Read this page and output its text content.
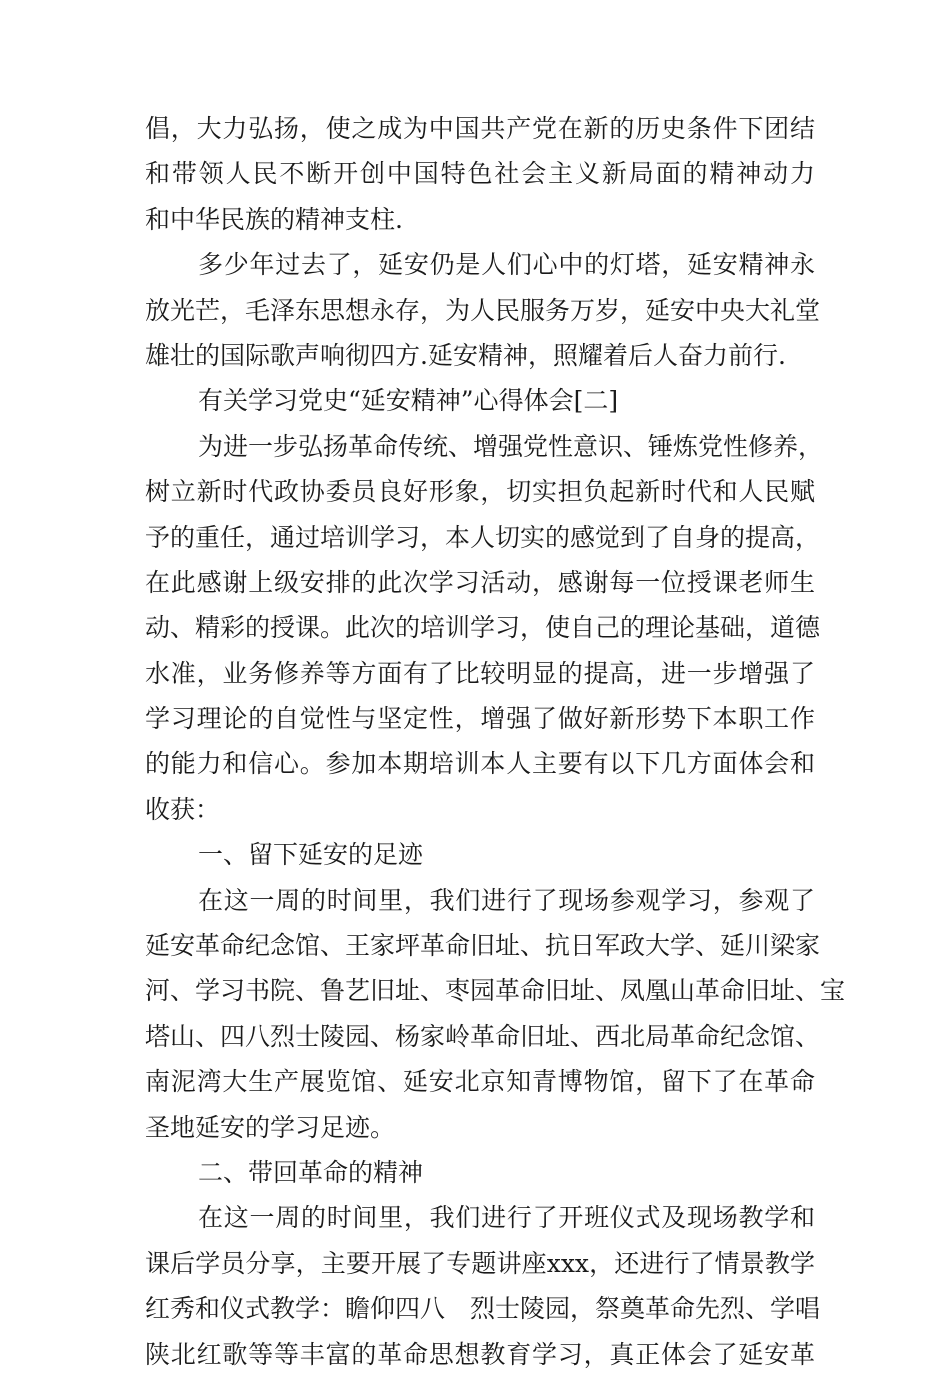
倡，大力弘扬，使之成为中国共产党在新的历史条件下团结
和带领人民不断开创中国特色社会主义新局面的精神动力
和中华民族的精神支柱.
多少年过去了，延安仍是人们心中的灯塔，延安精神永
放光芒，毛泽东思想永存，为人民服务万岁，延安中央大礼堂
雄壮的国际歌声响彻四方.延安精神，照耀着后人奋力前行.
有关学习党史“延安精神”心得体会[二]
为进一步弘扬革命传统、增强党性意识、锤炼党性修养，
树立新时代政协委员良好形象，切实担负起新时代和人民赋
予的重任，通过培训学习，本人切实的感觉到了自身的提高，
在此感谢上级安排的此次学习活动，感谢每一位授课老师生
动、精彩的授课。此次的培训学习，使自己的理论基础，道德
水准，业务修养等方面有了比较明显的提高，进一步增强了
学习理论的自觉性与坚定性，增强了做好新形势下本职工作
的能力和信心。参加本期培训本人主要有以下几方面体会和
收获：
一、留下延安的足迹
在这一周的时间里，我们进行了现场参观学习，参观了
延安革命纪念馆、王家坪革命旧址、抗日军政大学、延川梁家
河、学习书院、鲁艺旧址、枣园革命旧址、凤凰山革命旧址、宝
塔山、四八烈士陵园、杨家岭革命旧址、西北局革命纪念馆、
南泥湾大生产展览馆、延安北京知青博物馆，留下了在革命
圣地延安的学习足迹。
二、带回革命的精神
在这一周的时间里，我们进行了开班仪式及现场教学和
课后学员分享，主要开展了专题讲座xxx，还进行了情景教学
红秀和仪式教学：瞻仰四八　烈士陵园，祭奠革命先烈、学唱
陕北红歌等等丰富的革命思想教育学习，真正体会了延安革
